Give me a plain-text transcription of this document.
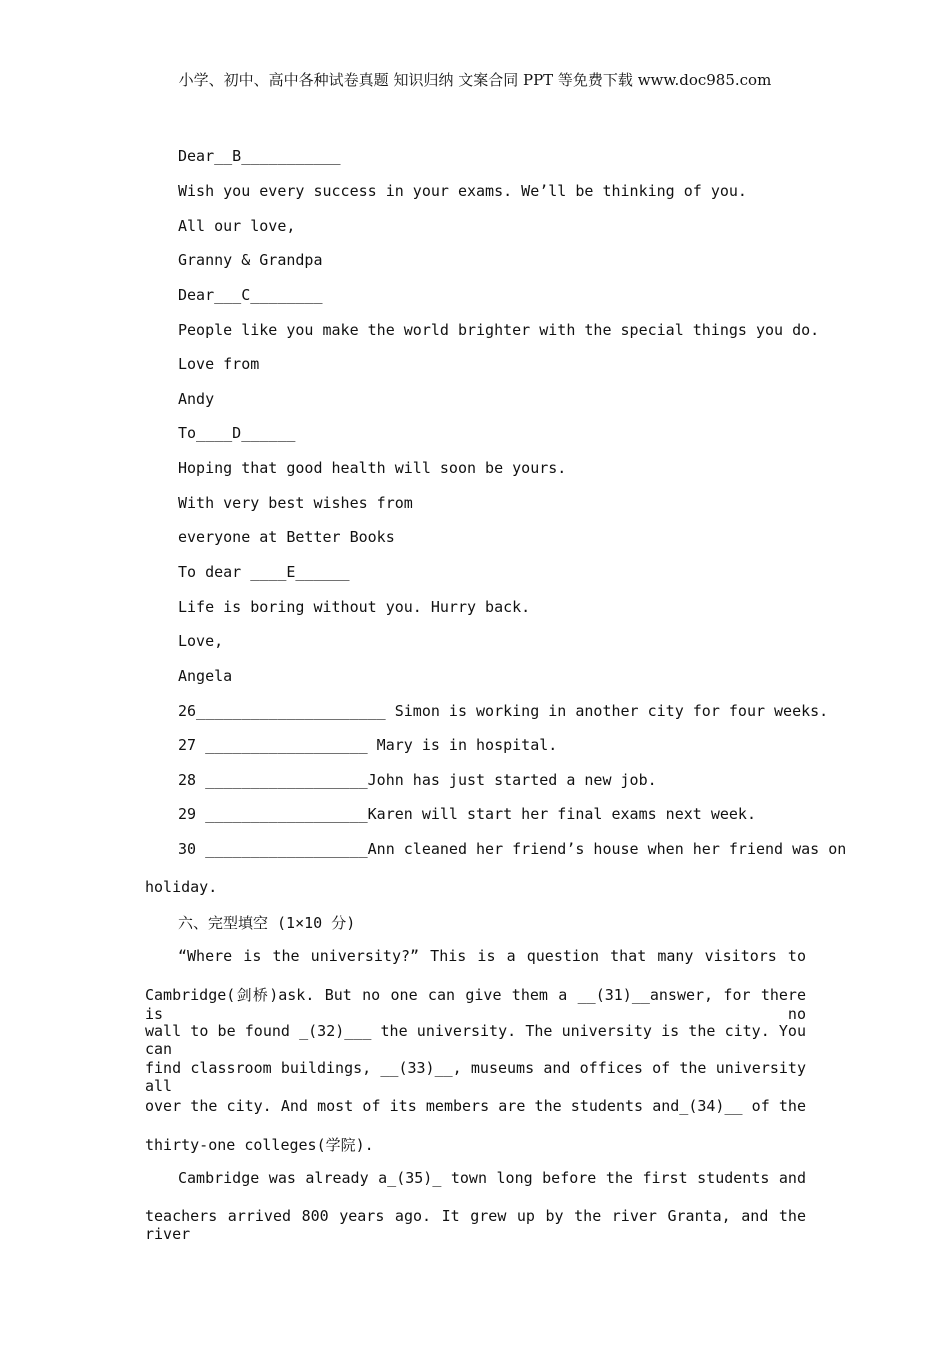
小学、初中、高中各种试卷真题 知识归纳 文案合同 PPT 等免费下载 www.doc985.com
Dear__B___________
Wish you every success in your exams. We’ll be thinking of you.
All our love,
Granny & Grandpa
Dear___C________
People like you make the world brighter with the special things you do.
Love from
Andy
To____D______
Hoping that good health will soon be yours.
With very best wishes from
everyone at Better Books
To dear ____E______
Life is boring without you. Hurry back.
Love,
Angela
26_____________________ Simon is working in another city for four weeks.
27 __________________ Mary is in hospital.
28 __________________John has just started a new job.
29 __________________Karen will start her final exams next week.
30 __________________Ann cleaned her friend’s house when her friend was on
holiday.
六、完型填空 (1×10 分)
“Where is the university?” This is a question that many visitors to
Cambridge(剑桥)ask. But no one can give them a __(31)__answer, for there is no
wall to be found _(32)___ the university. The university is the city. You can
find classroom buildings, __(33)__, museums and offices of the university all
over the city. And most of its members are the students and_(34)__ of the
thirty-one colleges(学院).
Cambridge was already a_(35)_ town long before the first students and
teachers arrived 800 years ago. It grew up by the river Granta, and the river
